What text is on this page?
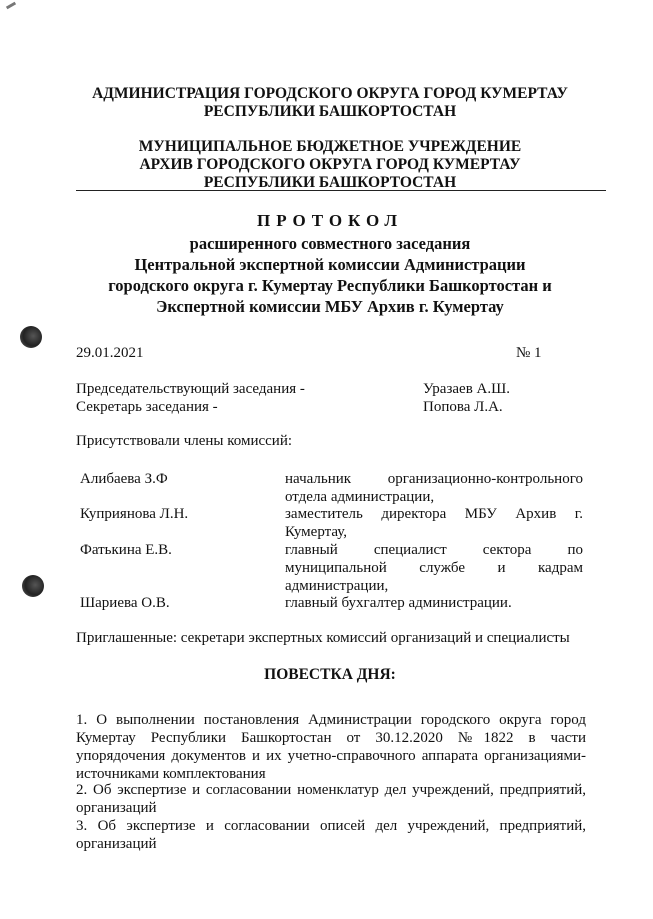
АДМИНИСТРАЦИЯ ГОРОДСКОГО ОКРУГА ГОРОД КУМЕРТАУ
РЕСПУБЛИКИ БАШКОРТОСТАН
МУНИЦИПАЛЬНОЕ БЮДЖЕТНОЕ УЧРЕЖДЕНИЕ
АРХИВ ГОРОДСКОГО ОКРУГА ГОРОД КУМЕРТАУ
РЕСПУБЛИКИ БАШКОРТОСТАН
ПРОТОКОЛ
расширенного совместного заседания
Центральной экспертной комиссии Администрации
городского округа г. Кумертау Республики Башкортостан и
Экспертной комиссии МБУ Архив г. Кумертау
29.01.2021	№ 1
Председательствующий заседания -	Уразаев А.Ш.
Секретарь заседания -	Попова Л.А.
Присутствовали члены комиссий:
Алибаева З.Ф	начальник организационно-контрольного
отдела администрации,
Куприянова Л.Н.	заместитель директора МБУ Архив г.
Кумертау,
Фатькина Е.В.	главный специалист сектора по
муниципальной службе и кадрам
администрации,
Шариева О.В.	главный бухгалтер администрации.
Приглашенные: секретари экспертных комиссий организаций и специалисты
ПОВЕСТКА ДНЯ:
1. О выполнении постановления Администрации городского округа город
Кумертау Республики Башкортостан от 30.12.2020 №1822 в части
упорядочения документов и их учетно-справочного аппарата организациями-
источниками комплектования
2. Об экспертизе и согласовании номенклатур дел учреждений, предприятий,
организаций
3. Об экспертизе и согласовании описей дел учреждений, предприятий,
организаций
